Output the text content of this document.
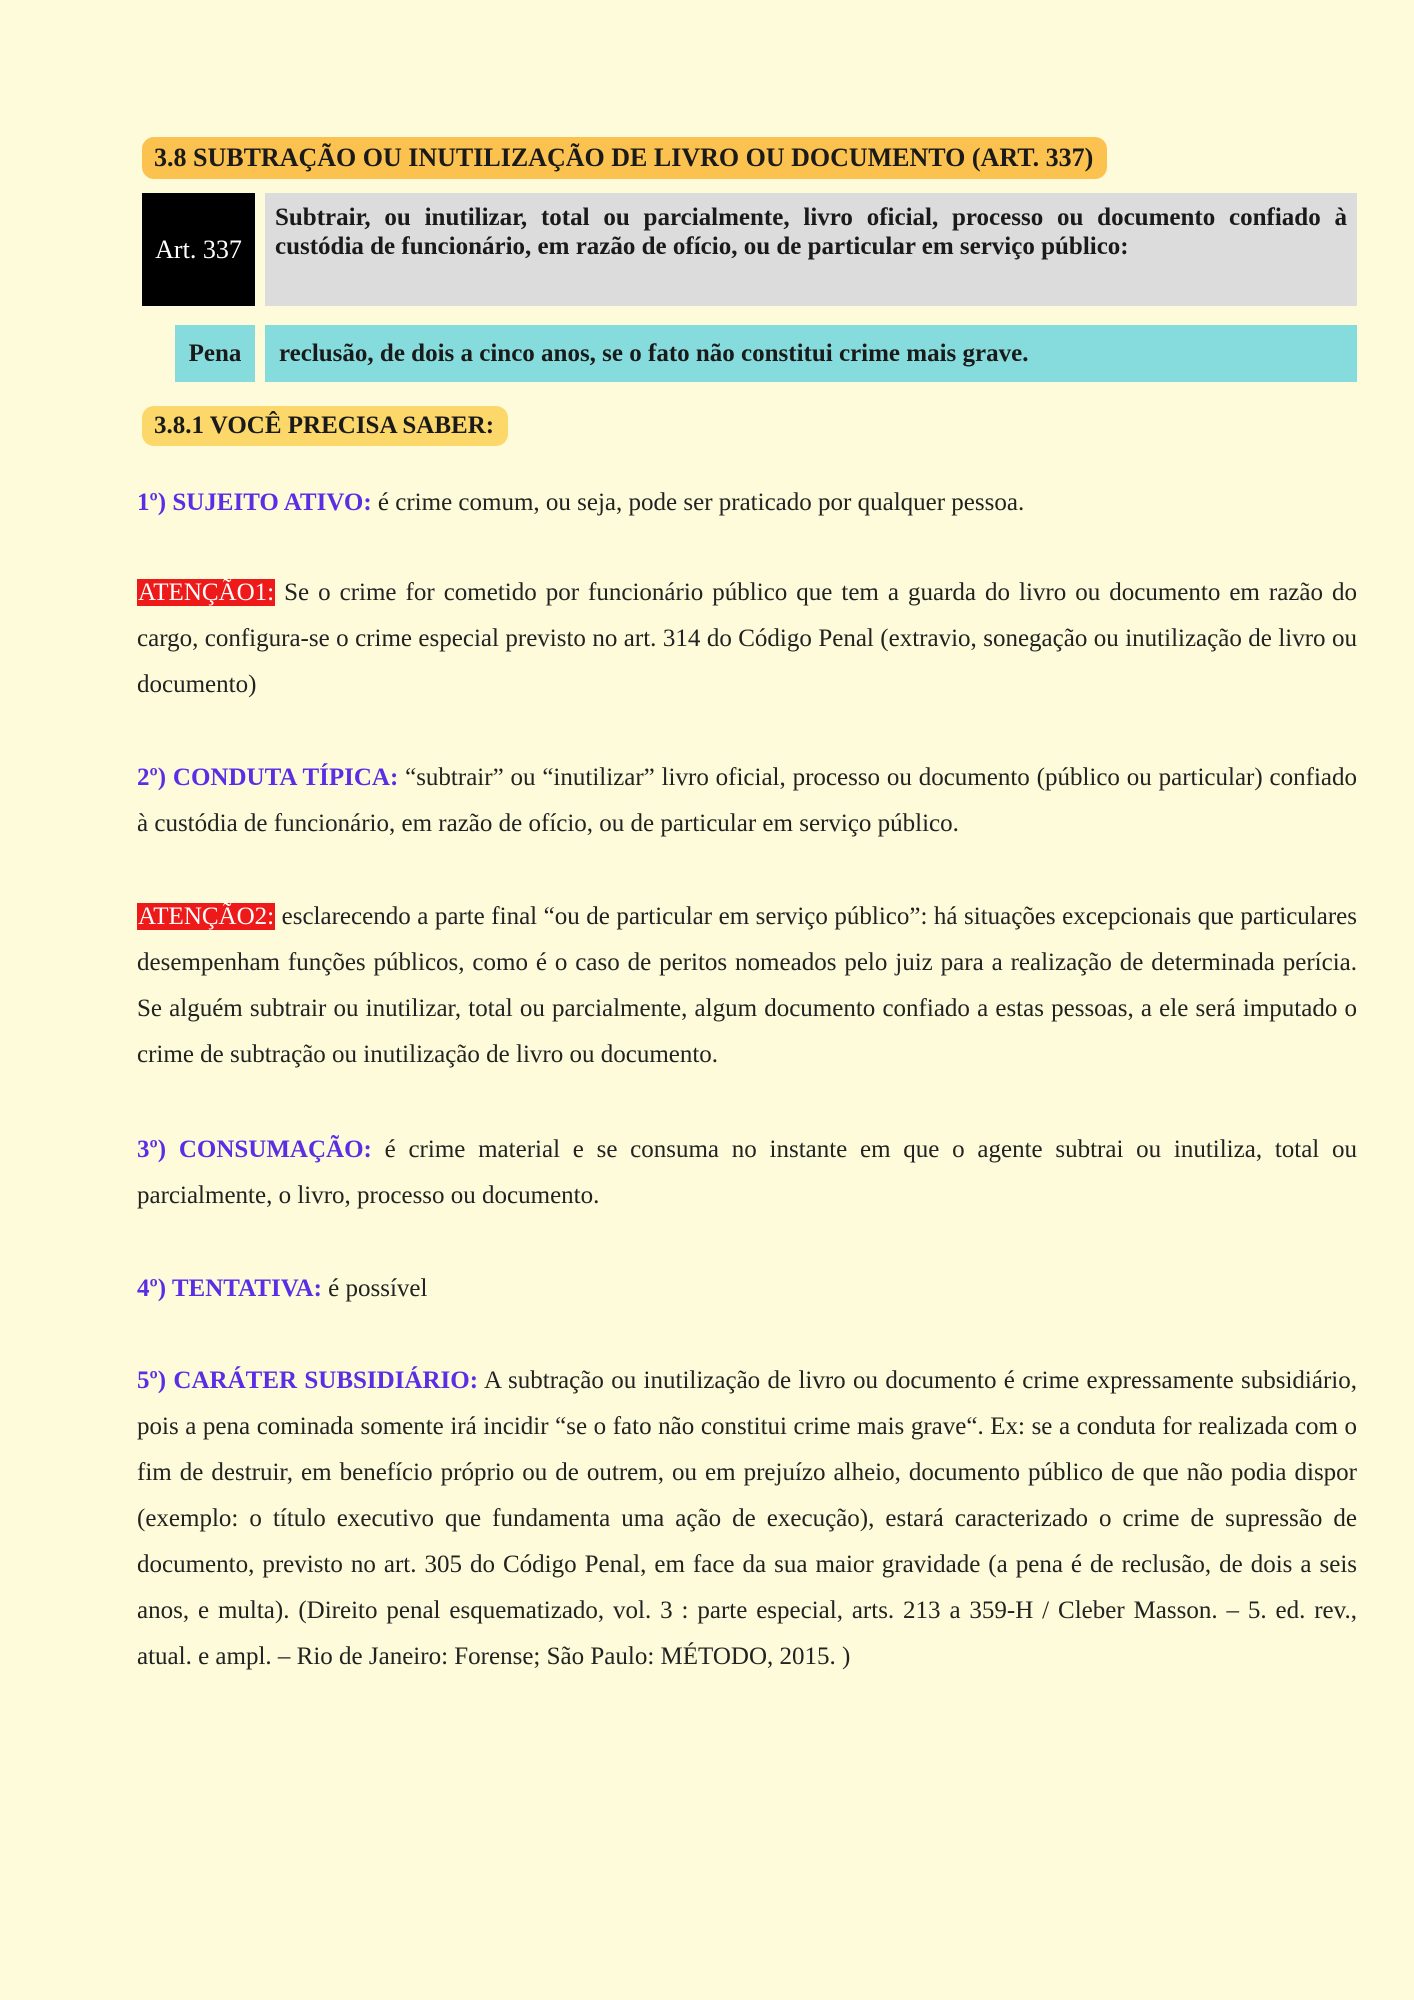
3.8 SUBTRAÇÃO OU INUTILIZAÇÃO DE LIVRO OU DOCUMENTO (ART. 337)
Art. 337
Subtrair, ou inutilizar, total ou parcialmente, livro oficial, processo ou documento confiado à custódia de funcionário, em razão de ofício, ou de particular em serviço público:
Pena	reclusão, de dois a cinco anos, se o fato não constitui crime mais grave.
3.8.1 VOCÊ PRECISA SABER:

1º) SUJEITO ATIVO: é crime comum, ou seja, pode ser praticado por qualquer pessoa.

ATENÇÃO1: Se o crime for cometido por funcionário público que tem a guarda do livro ou documento em razão do cargo, configura-se o crime especial previsto no art. 314 do Código Penal (extravio, sonegação ou inutilização de livro ou documento)

2º) CONDUTA TÍPICA: “subtrair” ou “inutilizar” livro oficial, processo ou documento (público ou particular) confiado à custódia de funcionário, em razão de ofício, ou de particular em serviço público.

ATENÇÃO2: esclarecendo a parte final “ou de particular em serviço público”: há situações excepcionais que particulares desempenham funções públicos, como é o caso de peritos nomeados pelo juiz para a realização de determinada perícia. Se alguém subtrair ou inutilizar, total ou parcialmente, algum documento confiado a estas pessoas, a ele será imputado o crime de subtração ou inutilização de livro ou documento.

3º) CONSUMAÇÃO: é crime material e se consuma no instante em que o agente subtrai ou inutiliza, total ou parcialmente, o livro, processo ou documento.

4º) TENTATIVA: é possível

5º) CARÁTER SUBSIDIÁRIO: A subtração ou inutilização de livro ou documento é crime expressamente subsidiário, pois a pena cominada somente irá incidir “se o fato não constitui crime mais grave“. Ex: se a conduta for realizada com o fim de destruir, em benefício próprio ou de outrem, ou em prejuízo alheio, documento público de que não podia dispor (exemplo: o título executivo que fundamenta uma ação de execução), estará caracterizado o crime de supressão de documento, previsto no art. 305 do Código Penal, em face da sua maior gravidade (a pena é de reclusão, de dois a seis anos, e multa). (Direito penal esquematizado, vol. 3 : parte especial, arts. 213 a 359-H / Cleber Masson. – 5. ed. rev., atual. e ampl. – Rio de Janeiro: Forense; São Paulo: MÉTODO, 2015. )
